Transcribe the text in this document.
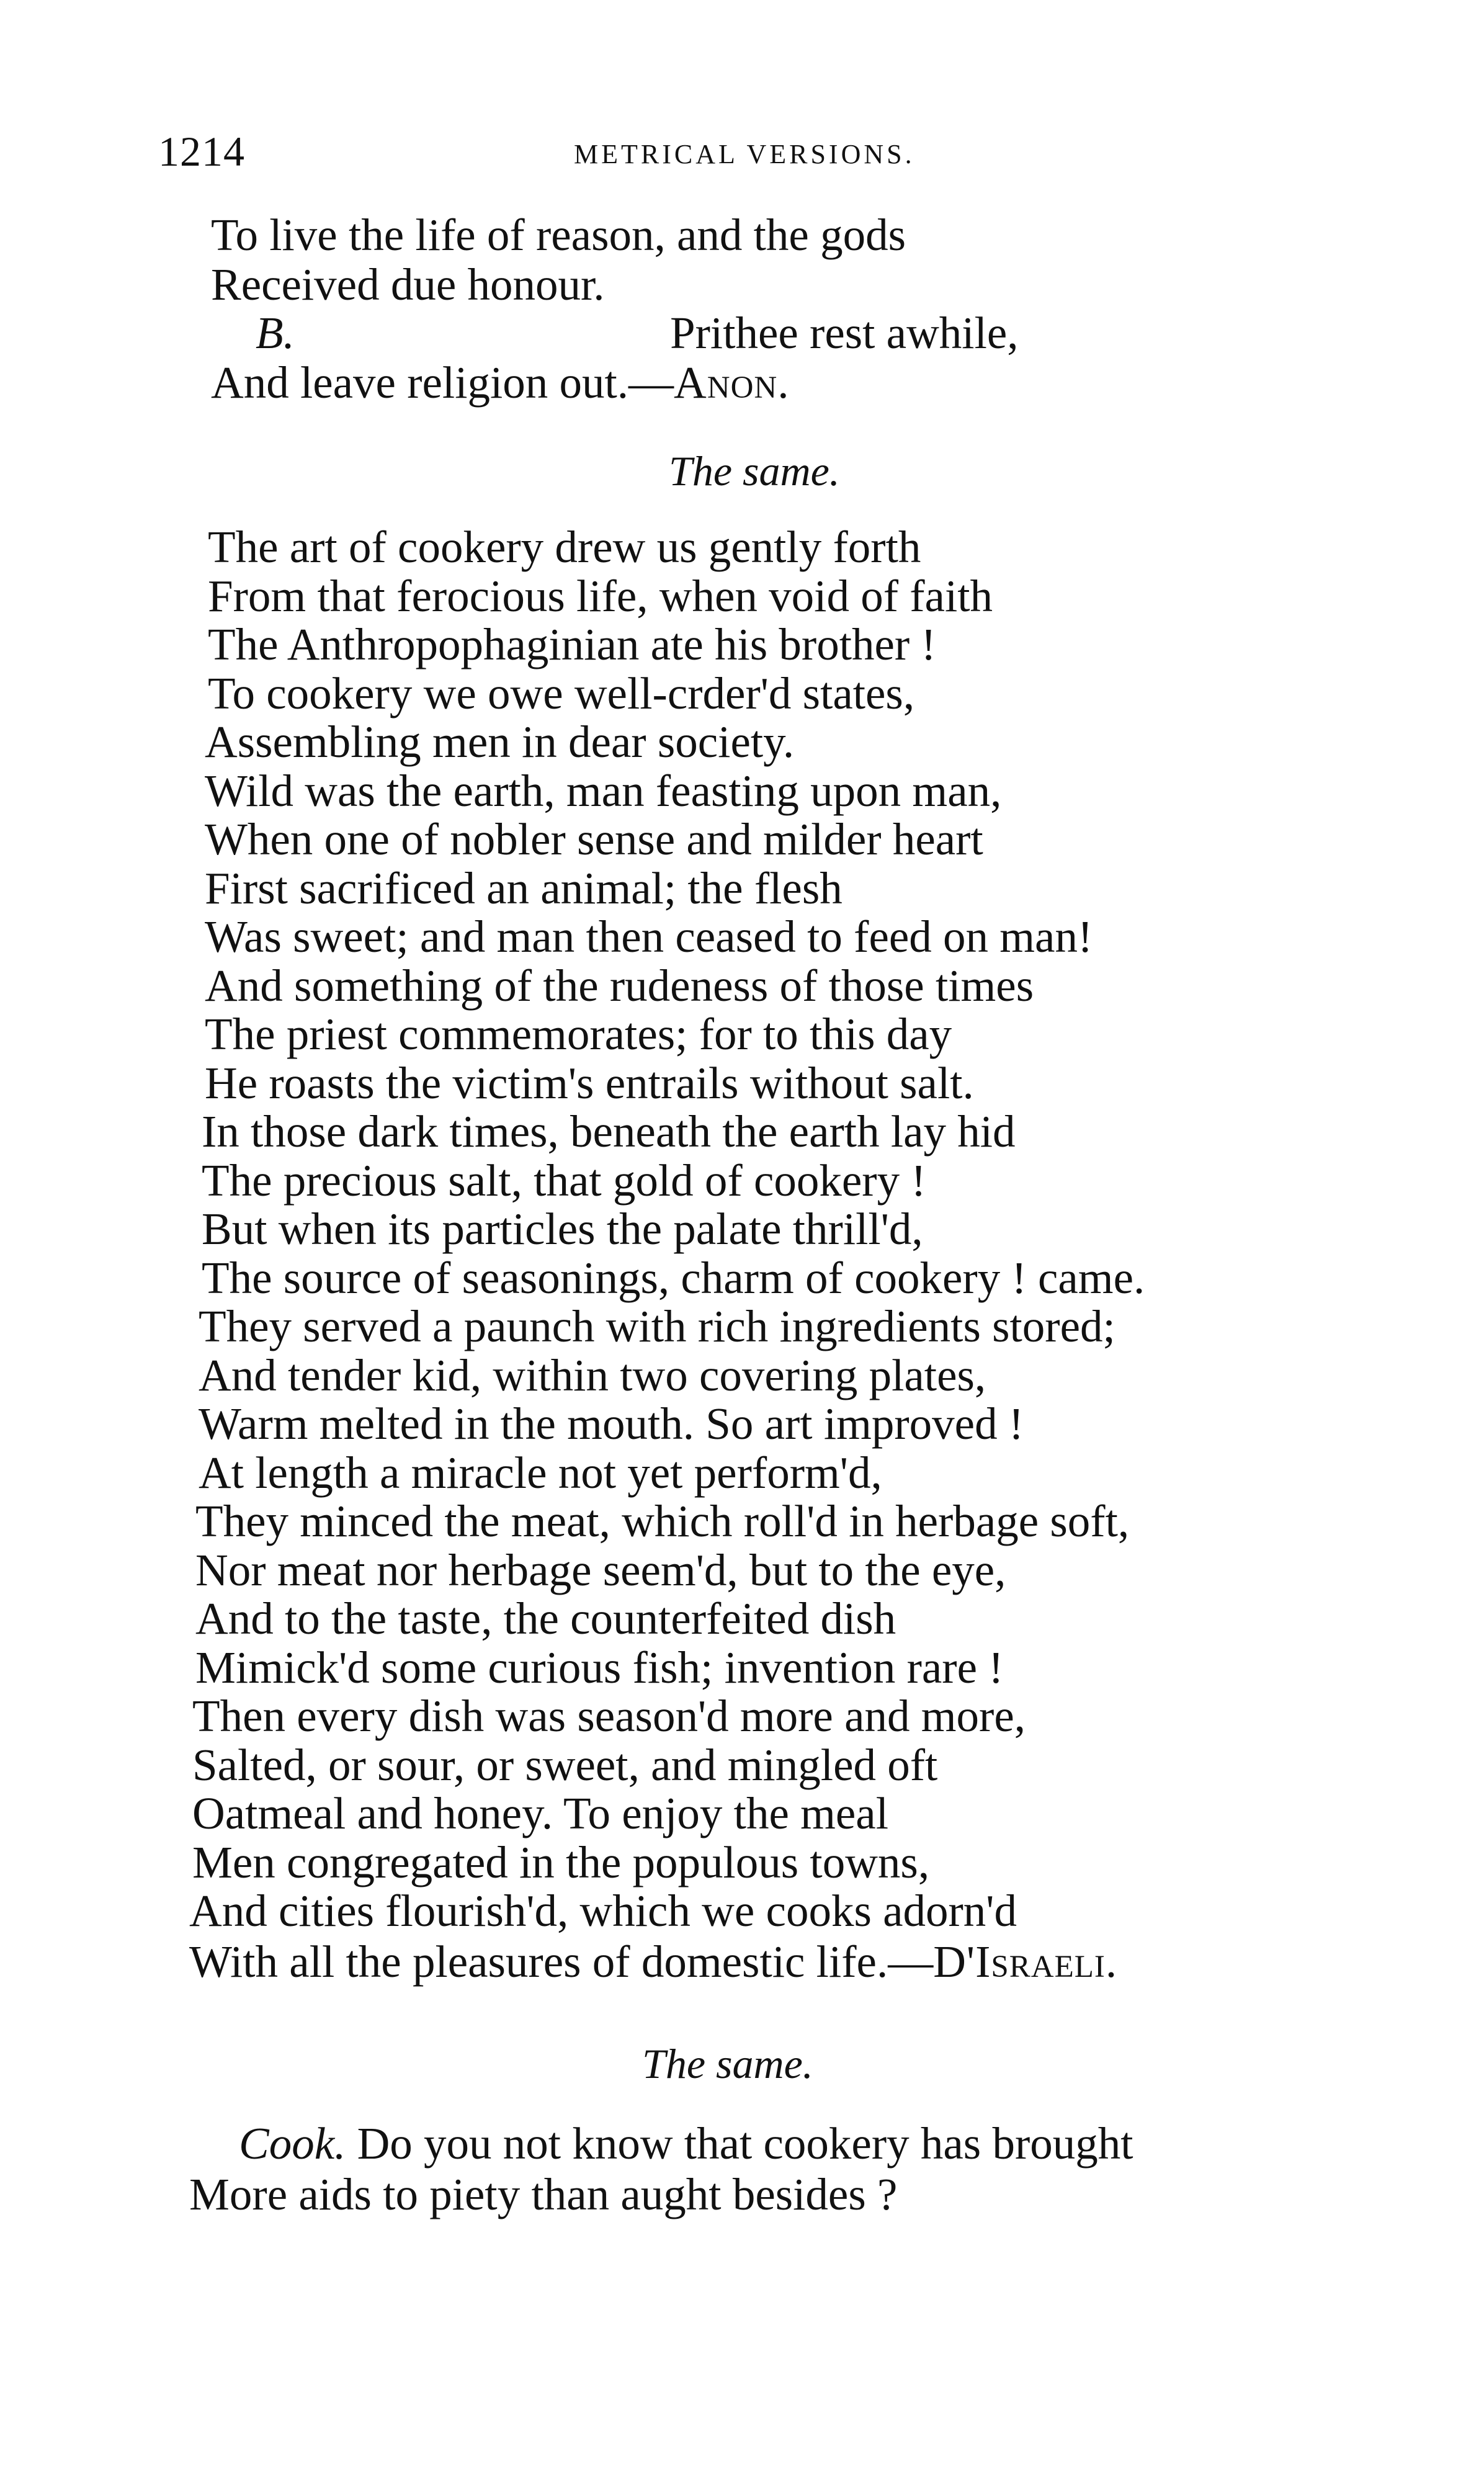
1214	METRICAL VERSIONS.
To live the life of reason, and the gods
Received due honour.
B.	Prithee rest awhile,
And leave religion out.—Anon.
The same.
The art of cookery drew us gently forth
From that ferocious life, when void of faith
The Anthropophaginian ate his brother !
To cookery we owe well-crder'd states,
Assembling men in dear society.
Wild was the earth, man feasting upon man,
When one of nobler sense and milder heart
First sacrificed an animal; the flesh
Was sweet; and man then ceased to feed on man!
And something of the rudeness of those times
The priest commemorates; for to this day
He roasts the victim's entrails without salt.
In those dark times, beneath the earth lay hid
The precious salt, that gold of cookery !
But when its particles the palate thrill'd,
The source of seasonings, charm of cookery ! came.
They served a paunch with rich ingredients stored;
And tender kid, within two covering plates,
Warm melted in the mouth. So art improved !
At length a miracle not yet perform'd,
They minced the meat, which roll'd in herbage soft,
Nor meat nor herbage seem'd, but to the eye,
And to the taste, the counterfeited dish
Mimick'd some curious fish; invention rare !
Then every dish was season'd more and more,
Salted, or sour, or sweet, and mingled oft
Oatmeal and honey. To enjoy the meal
Men congregated in the populous towns,
And cities flourish'd, which we cooks adorn'd
With all the pleasures of domestic life.—D'Israeli.
The same.
Cook. Do you not know that cookery has brought
More aids to piety than aught besides ?
